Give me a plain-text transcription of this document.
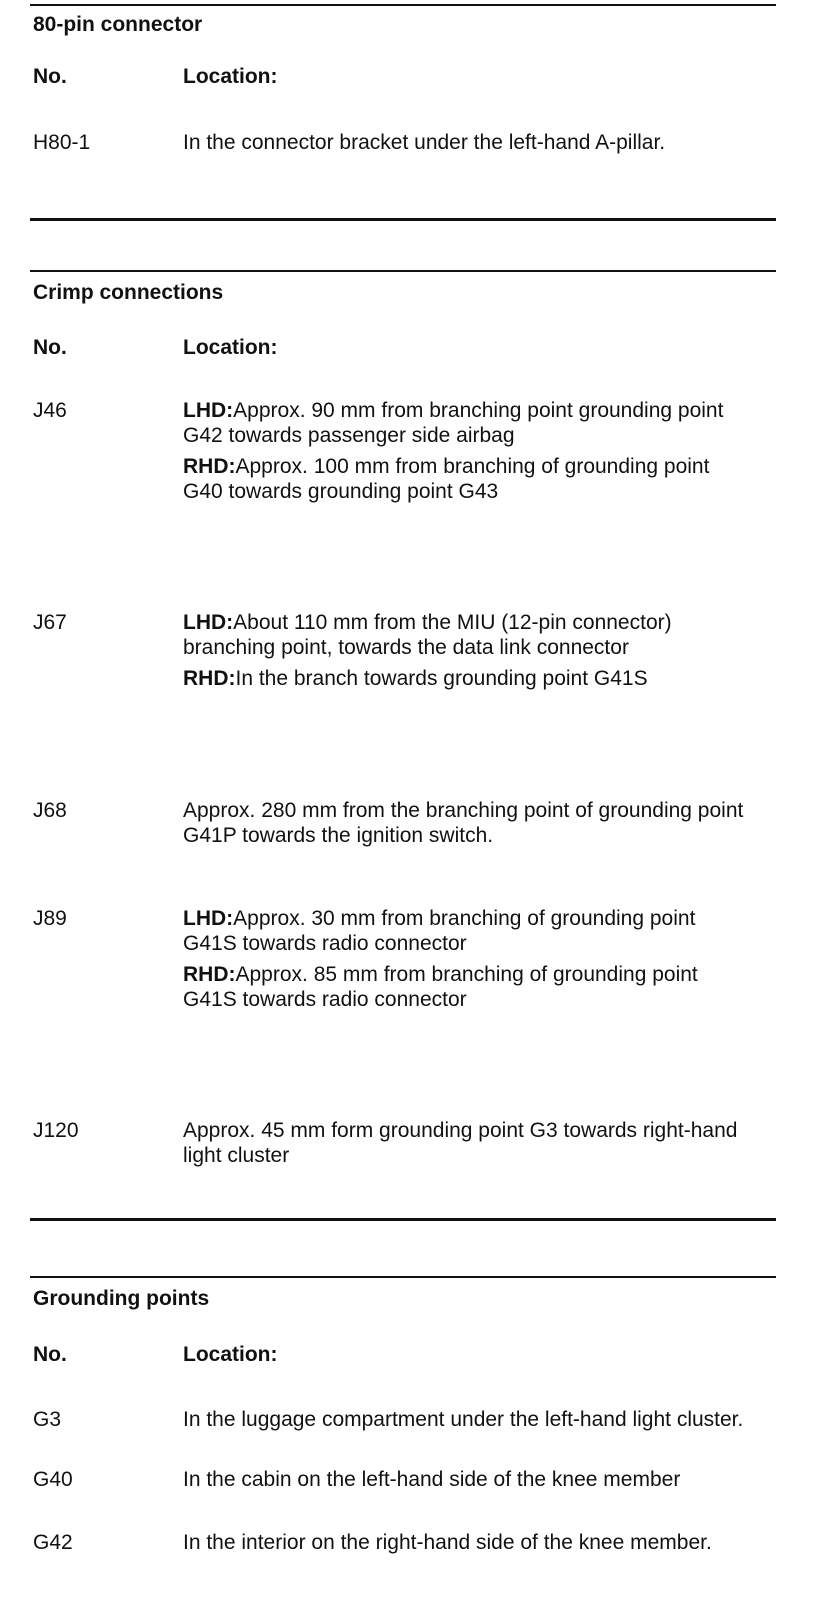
80-pin connector
No.	Location:
H80-1	In the connector bracket under the left-hand A-pillar.
Crimp connections
No.	Location:
J46	LHD:Approx. 90 mm from branching point grounding point G42 towards passenger side airbag

RHD:Approx. 100 mm from branching of grounding point G40 towards grounding point G43

J67	LHD:About 110 mm from the MIU (12-pin connector) branching point, towards the data link connector

RHD:In the branch towards grounding point G41S

J68	Approx. 280 mm from the branching point of grounding point G41P towards the ignition switch.
J89	LHD:Approx. 30 mm from branching of grounding point G41S towards radio connector

RHD:Approx. 85 mm from branching of grounding point G41S towards radio connector

J120	Approx. 45 mm form grounding point G3 towards right-hand light cluster
Grounding points
No.	Location:
G3	In the luggage compartment under the left-hand light cluster.
G40	In the cabin on the left-hand side of the knee member
G42	In the interior on the right-hand side of the knee member.
